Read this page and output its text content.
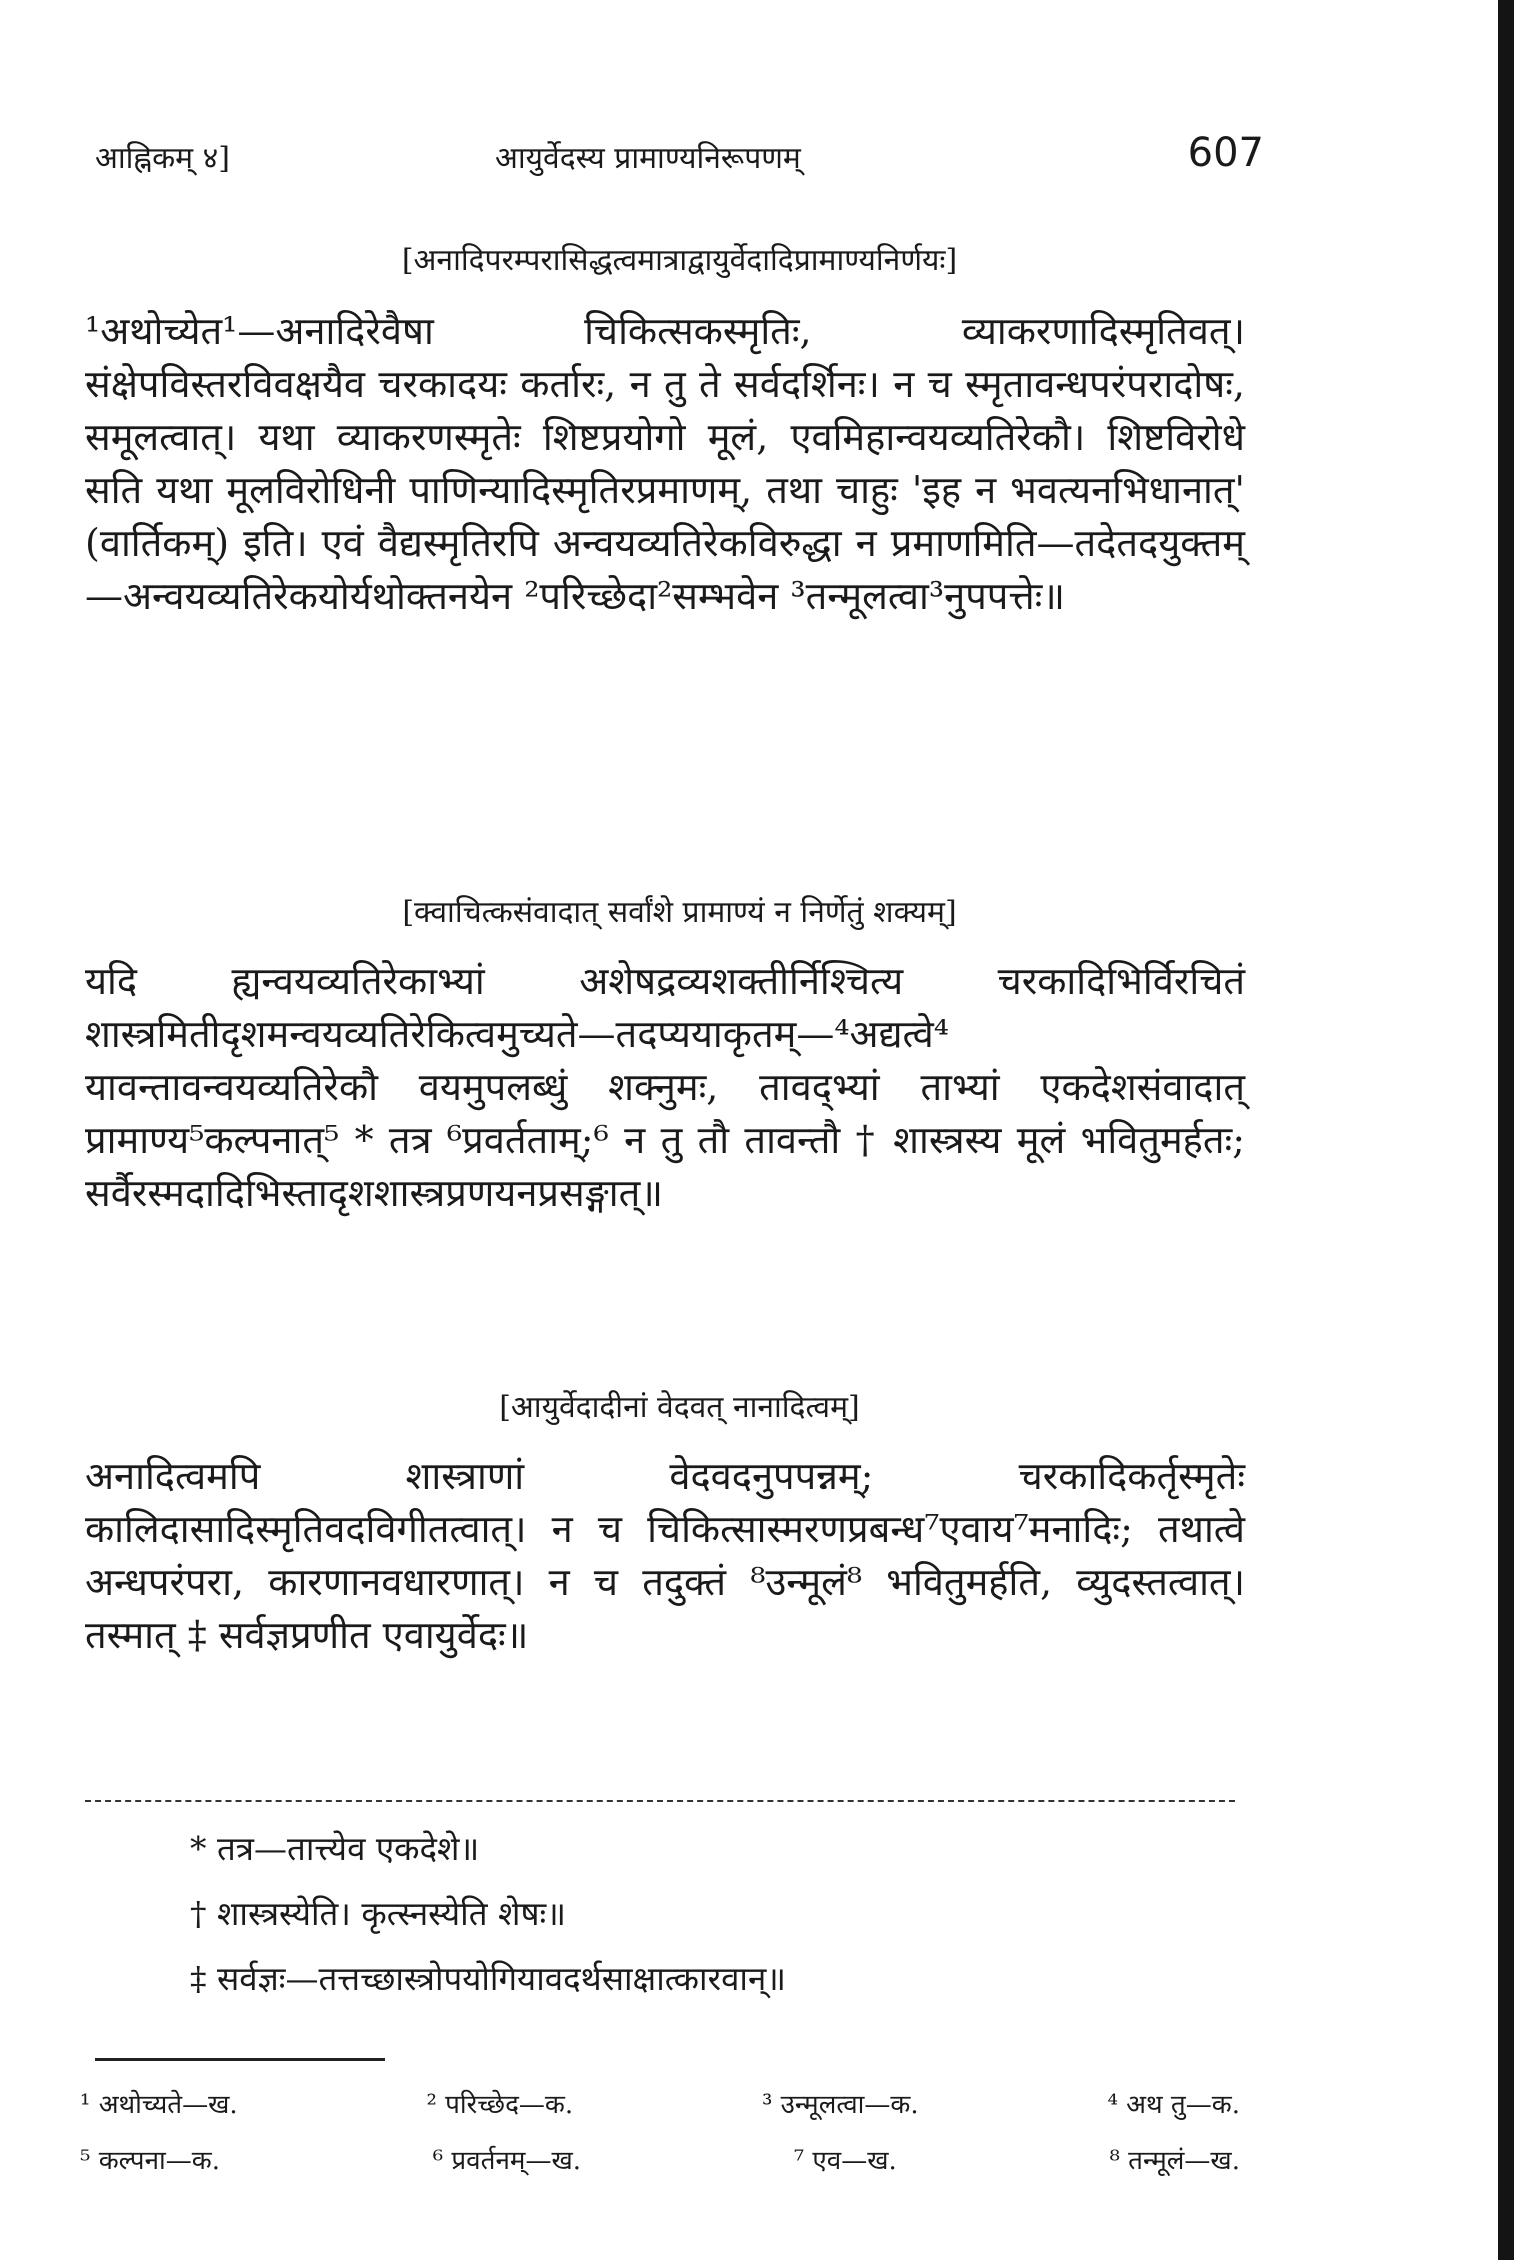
आह्निकम् ४]	आयुर्वेदस्य प्रामाण्यनिरूपणम्	607
[अनादिपरम्परासिद्धत्वमात्राद्वायुर्वेदादिप्रामाण्यनिर्णयः]
¹अथोच्येत¹—अनादिरेवैषा चिकित्सकस्मृतिः, व्याकरणादिस्मृतिवत्। संक्षेपविस्तरविवक्षयैव चरकादयः कर्तारः, न तु ते सर्वदर्शिनः। न च स्मृतावन्धपरंपरादोषः, समूलत्वात्। यथा व्याकरणस्मृतेः शिष्टप्रयोगो मूलं, एवमिहान्वयव्यतिरेकौ। शिष्टविरोधे सति यथा मूलविरोधिनी पाणिन्यादिस्मृतिरप्रमाणम्, तथा चाहुः 'इह न भवत्यनभिधानात्' (वार्तिकम्) इति। एवं वैद्यस्मृतिरपि अन्वयव्यतिरेकविरुद्धा न प्रमाणमिति—तदेतदयुक्तम्—अन्वयव्यतिरेकयोर्यथोक्तनयेन ²परिच्छेदा²सम्भवेन ³तन्मूलत्वा³नुपपत्तेः॥
[क्वाचित्कसंवादात् सर्वांशे प्रामाण्यं न निर्णेतुं शक्यम्]
यदि ह्यन्वयव्यतिरेकाभ्यां अशेषद्रव्यशक्तीर्निश्चित्य चरकादिभिर्विरचितं शास्त्रमितीदृशमन्वयव्यतिरेकित्वमुच्यते—तदप्ययाकृतम्—⁴अद्यत्वे⁴ यावन्तावन्वयव्यतिरेकौ वयमुपलब्धुं शक्नुमः, तावद्भ्यां ताभ्यां एकदेशसंवादात् प्रामाण्य⁵कल्पनात्⁵ * तत्र ⁶प्रवर्तताम्;⁶ न तु तौ तावन्तौ † शास्त्रस्य मूलं भवितुमर्हतः; सर्वैरस्मदादिभिस्तादृशशास्त्रप्रणयनप्रसङ्गात्॥
[आयुर्वेदादीनां वेदवत् नानादित्वम्]
अनादित्वमपि शास्त्राणां वेदवदनुपपन्नम्; चरकादिकर्तृस्मृतेः कालिदासादिस्मृतिवदविगीतत्वात्। न च चिकित्सास्मरणप्रबन्ध⁷एवाय⁷मनादिः; तथात्वे अन्धपरंपरा, कारणानवधारणात्। न च तदुक्तं ⁸उन्मूलं⁸ भवितुमर्हति, व्युदस्तत्वात्। तस्मात् ‡ सर्वज्ञप्रणीत एवायुर्वेदः॥
* तत्र—तात्त्येव एकदेशे॥
† शास्त्रस्येति। कृत्स्नस्येति शेषः॥
‡ सर्वज्ञः—तत्तच्छास्त्रोपयोगियावदर्थसाक्षात्कारवान्॥
¹ अथोच्यते—ख.	² परिच्छेद—क.	³ उन्मूलत्वा—क.	⁴ अथ तु—क.
⁵ कल्पना—क.	⁶ प्रवर्तनम्—ख.	⁷ एव—ख.	⁸ तन्मूलं—ख.
